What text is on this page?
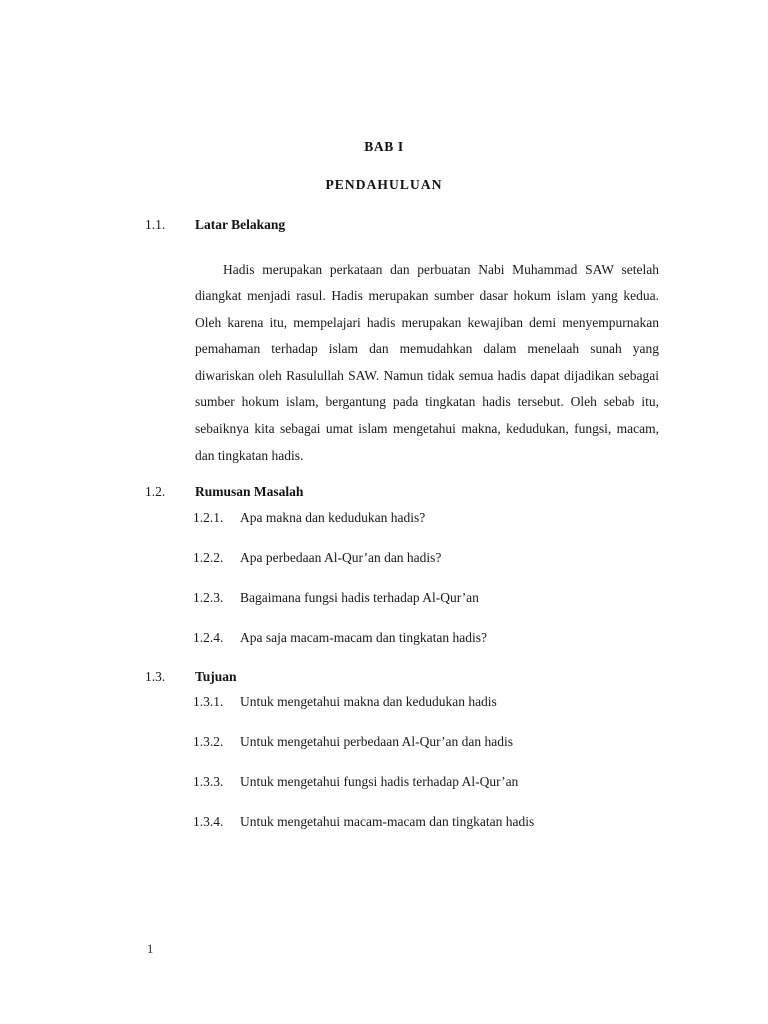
BAB I
PENDAHULUAN
1.1. Latar Belakang

Hadis merupakan perkataan dan perbuatan Nabi Muhammad SAW setelah diangkat menjadi rasul. Hadis merupakan sumber dasar hokum islam yang kedua. Oleh karena itu, mempelajari hadis merupakan kewajiban demi menyempurnakan pemahaman terhadap islam dan memudahkan dalam menelaah sunah yang diwariskan oleh Rasulullah SAW. Namun tidak semua hadis dapat dijadikan sebagai sumber hokum islam, bergantung pada tingkatan hadis tersebut. Oleh sebab itu, sebaiknya kita sebagai umat islam mengetahui makna, kedudukan, fungsi, macam, dan tingkatan hadis.

1.2. Rumusan Masalah
1.2.1. Apa makna dan kedudukan hadis?
1.2.2. Apa perbedaan Al-Qur’an dan hadis?
1.2.3. Bagaimana fungsi hadis terhadap Al-Qur’an
1.2.4. Apa saja macam-macam dan tingkatan hadis?
1.3. Tujuan
1.3.1. Untuk mengetahui makna dan kedudukan hadis
1.3.2. Untuk mengetahui perbedaan Al-Qur’an dan hadis
1.3.3. Untuk mengetahui fungsi hadis terhadap Al-Qur’an
1.3.4. Untuk mengetahui macam-macam dan tingkatan hadis
1
